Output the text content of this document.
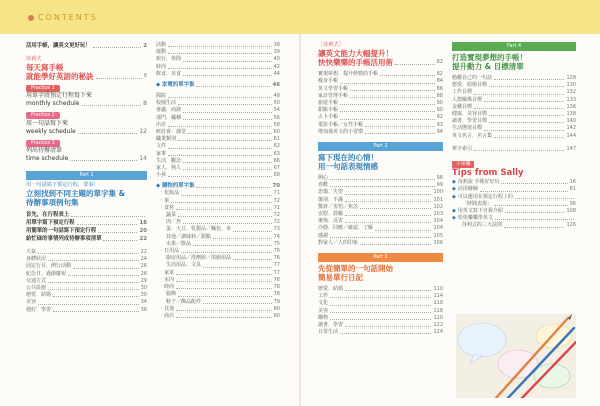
CONTENTS
活用手帳，讓英文更好玩！	2
莎莉式
每天寫手帳
就能學好英語的秘訣	6
Practice 1
用單字將預定行程寫下來
monthly schedule	8
Practice 2
用一句話寫下來
weekly schedule	12
Practice 3
列出待辦清單
time schedule	14
Part 1
用一句話寫下預定行程，要事！
立刻找到不同主題的單字集 &
待辦事項例句集
首先，在行程表上
用單字寫下預定行程	18
用簡單的一句話寫下預定行程	20
給忙碌的事情列成待辦事項清單	22
大氣	22
身體狀況	24
固定行目．例行活動	26
紀念日．過節慶祝	28
交通方式	29
公共設施	30
戀愛．結婚	30
美容	34
週好．學習	36
活動	38
運動	39
旅行．休閒	40
時尚	42
飲食．美食	44
◆ 家電的單字集	46
醫院	48
校園生活	50
會議．商談	54
部門．職稱	56
出差	58
研討會．課堂	60
職業類別	61
文件	62
家事	63
生活．觀念	66
家人．熟人	67
小孩	68
◆ 購物的單字集	70
‧ 化妝品	71
‧ 果	72
‧ 食材	71
蔬菜	72
肉／魚	72
蛋．大豆．乳製品／麵包．米	73
其他／調味料／甜點	74
水果／飲品	75
‧ 日用品	76
廚房用品／洗劑組／浴廁用品	76
生活用品．文具	77
‧ 家電	77
‧ 室內	78
‧ 時尚	78
服飾	78
鞋子／飾品配件	79
‧ 其他	80
‧ 商店	80
［莎莉式］
讓英文能力大幅提升！
快快樂樂的手帳活用術	82
實現夢想．提升幹勁的手帳	82
瘦身手帳	84
英文學習手帳	86
家計管理手帳	88
旅遊手帳	90
甜點手帳	90
占卜手帳	92
電影手帳／女性手帳	93
增加飛英文的小習慣	94
Part 2
寫下現在的心情！
用一句話表現情感
開心	98
喜歡	99
悲傷．失望	100
傷別．不滿	101
驚訝／害怕／焦急	102
安慰．鼓勵	103
後悔．反省	104
冷靜．回應／確認．了解	104
感謝	105
對家人／人的印象	106
Part 3
先從簡單的一句話開始
簡易單行日記
戀愛．結婚	110
工作	114
文化	118
美容	118
購物	120
讀書．學習	122
日常生活	124
Part 4
打造實現夢想的手帳！
提升動力 & 目標清單
勉勵自己的一句話	128
戀愛．結婚目標	130
工作目標	132
人際關係目標	133
金錢目標	136
健康．美容目標	138
讀書．學習目標	140
生活態度目標	142
英文名言．名言集	144
單字索引	147
小專欄
Tips from Sally
◆ 莎莉流 手帳好好玩	16
◆ 活用繪圖	81
◆ 可以運用在預定行程上的
「時間表現」	96
◆ 用英文寫下自我介紹	108
◆ 快快樂樂學英文
莎莉式的三大法則	126
